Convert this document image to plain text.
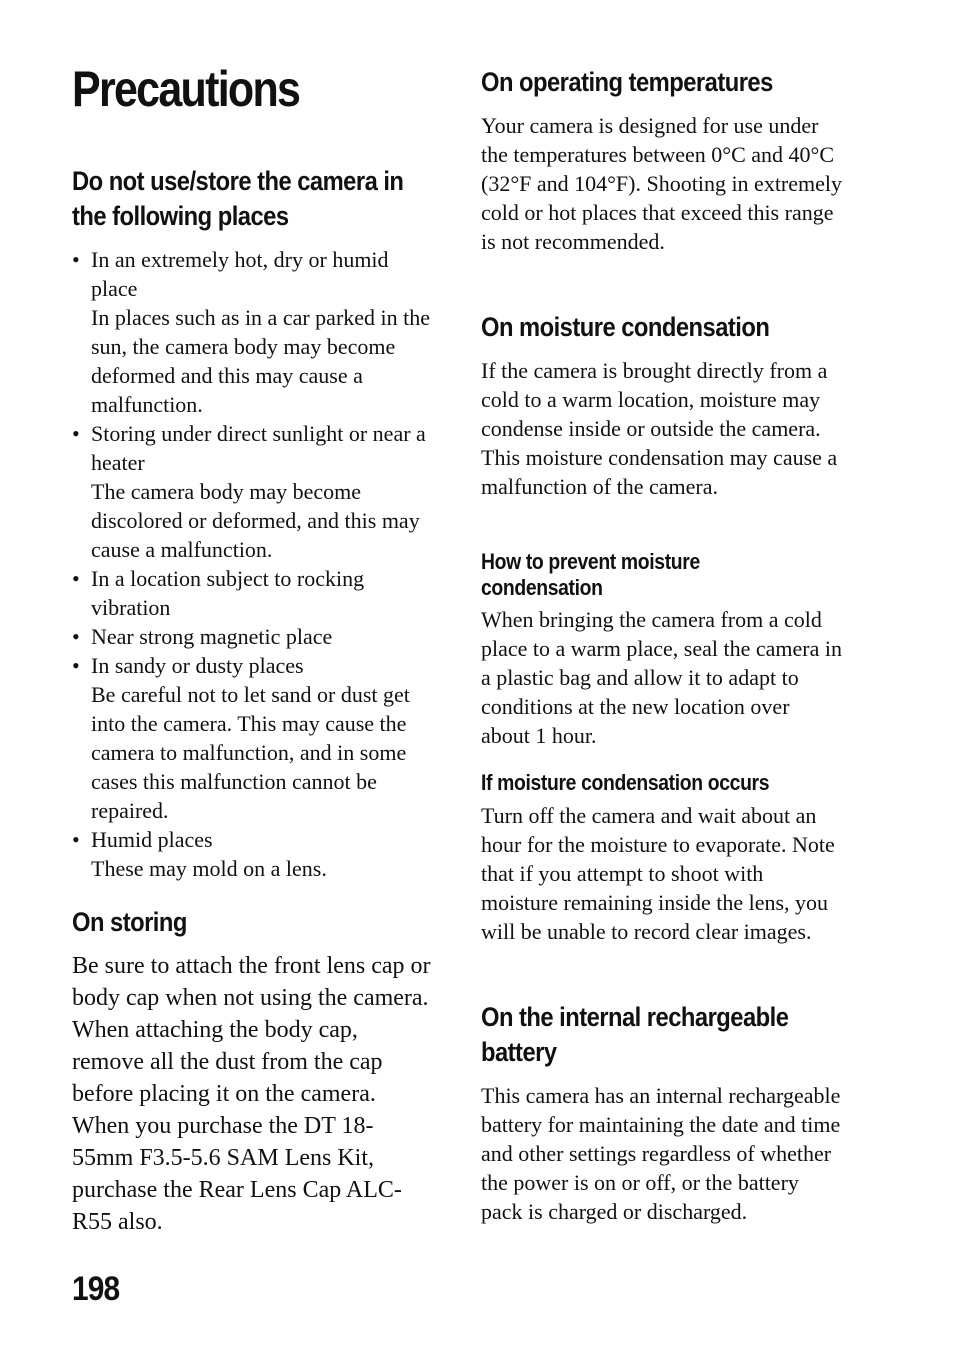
Precautions
Do not use/store the camera in
the following places
• In an extremely hot, dry or humid place
In places such as in a car parked in the sun, the camera body may become deformed and this may cause a malfunction.
• Storing under direct sunlight or near a heater
The camera body may become discolored or deformed, and this may cause a malfunction.
• In a location subject to rocking vibration
• Near strong magnetic place
• In sandy or dusty places
Be careful not to let sand or dust get into the camera. This may cause the camera to malfunction, and in some cases this malfunction cannot be repaired.
• Humid places
These may mold on a lens.
On storing

Be sure to attach the front lens cap or body cap when not using the camera. When attaching the body cap, remove all the dust from the cap before placing it on the camera. When you purchase the DT 18-55mm F3.5-5.6 SAM Lens Kit, purchase the Rear Lens Cap ALC-R55 also.

On operating temperatures

Your camera is designed for use under the temperatures between 0°C and 40°C (32°F and 104°F). Shooting in extremely cold or hot places that exceed this range is not recommended.

On moisture condensation

If the camera is brought directly from a cold to a warm location, moisture may condense inside or outside the camera. This moisture condensation may cause a malfunction of the camera.

How to prevent moisture
condensation

When bringing the camera from a cold place to a warm place, seal the camera in a plastic bag and allow it to adapt to conditions at the new location over about 1 hour.

If moisture condensation occurs

Turn off the camera and wait about an hour for the moisture to evaporate. Note that if you attempt to shoot with moisture remaining inside the lens, you will be unable to record clear images.

On the internal rechargeable
battery

This camera has an internal rechargeable battery for maintaining the date and time and other settings regardless of whether the power is on or off, or the battery pack is charged or discharged.

198
